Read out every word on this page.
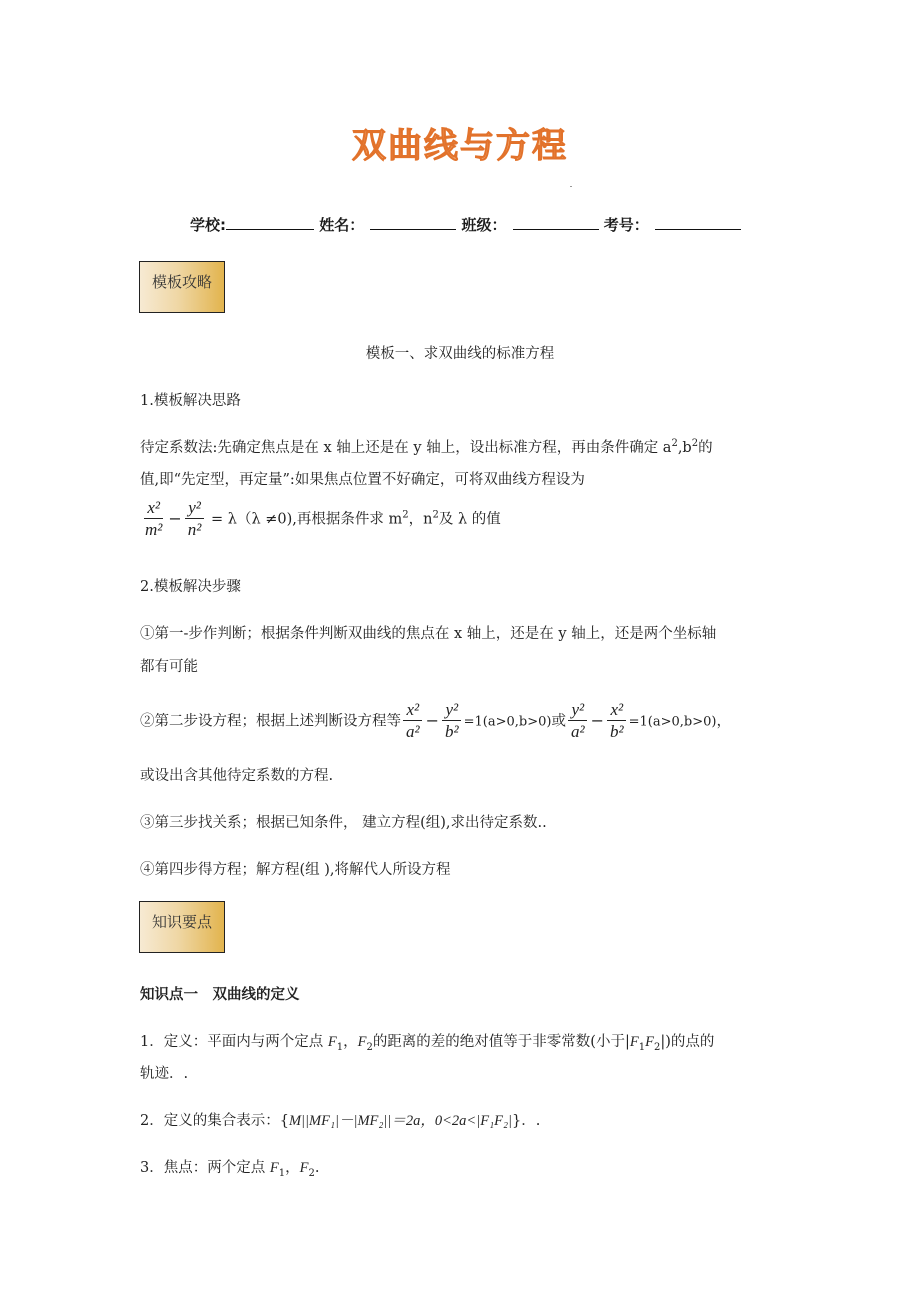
双曲线与方程
学校:	姓名：	班级：	考号：
模板攻略
模板一、求双曲线的标准方程
1.模板解决思路
待定系数法:先确定焦点是在 x 轴上还是在 y 轴上，设出标准方程，再由条件确定 $a^2,b^2$的
值,即“先定型，再定量”:如果焦点位置不好确定，可将双曲线方程设为
$\frac{\text{x²}}{\text{m²}} - \frac{\text{y²}}{\text{n²}} = \lambda(\lambda \ne 0)$,再根据条件求 $m^2$，$n^2$及 λ 的值
2.模板解决步骤
①第一-步作判断；根据条件判断双曲线的焦点在 x 轴上，还是在 y 轴上，还是两个坐标轴
都有可能
②第二步设方程；根据上述判断设方程等 $\frac{\text{x²}}{\text{a²}} - \frac{\text{y²}}{\text{b²}} =1(a>0,b>0)$或 $\frac{\text{y²}}{\text{a²}} - \frac{\text{x²}}{\text{b²}} =1(a>0,b>0)$，
或设出含其他待定系数的方程.
③第三步找关系；根据已知条件， 建立方程(组),求出待定系数..
④第四步得方程；解方程(组 ),将解代人所设方程
知识要点
知识点一　双曲线的定义
1．定义：平面内与两个定点 $F_1$，$F_2$的距离的差的绝对值等于非零常数(小于$|F_1F_2|$)的点的
轨迹．.
2．定义的集合表示：{M||MF₁|－|MF₂||＝2a，0<2a<|F₁F₂|}．.
3．焦点：两个定点 $F_1$，$F_2$.
